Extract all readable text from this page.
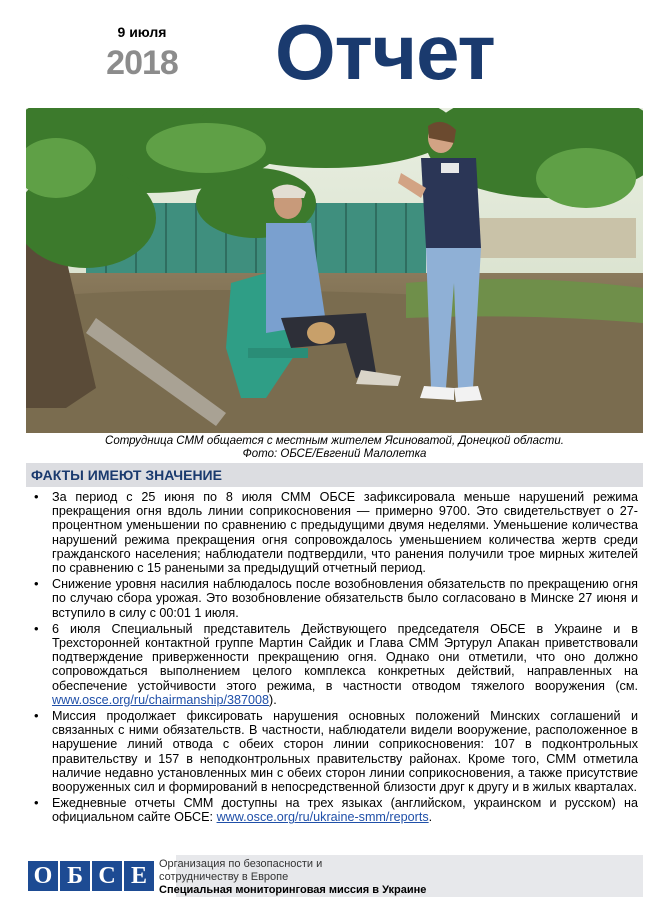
9 июля
2018	Отчет
Сотрудница СММ общается с местным жителем Ясиноватой, Донецкой области.
Фото: ОБСЕ/Евгений Малолетка
ФАКТЫ ИМЕЮТ ЗНАЧЕНИЕ
• За период с 25 июня по 8 июля СММ ОБСЕ зафиксировала меньше нарушений режима прекращения огня вдоль линии соприкосновения — примерно 9700. Это свидетельствует о 27-процентном уменьшении по сравнению с предыдущими двумя неделями. Уменьшение количества нарушений режима прекращения огня сопровождалось уменьшением количества жертв среди гражданского населения; наблюдатели подтвердили, что ранения получили трое мирных жителей по сравнению с 15 ранеными за предыдущий отчетный период.
• Снижение уровня насилия наблюдалось после возобновления обязательств по прекращению огня по случаю сбора урожая. Это возобновление обязательств было согласовано в Минске 27 июня и вступило в силу с 00:01 1 июля.
• 6 июля Специальный представитель Действующего председателя ОБСЕ в Украине и в Трехсторонней контактной группе Мартин Сайдик и Глава СММ Эртурул Апакан приветствовали подтверждение приверженности прекращению огня. Однако они отметили, что оно должно сопровождаться выполнением целого комплекса конкретных действий, направленных на обеспечение устойчивости этого режима, в частности отводом тяжелого вооружения (см. www.osce.org/ru/chairmanship/387008).
• Миссия продолжает фиксировать нарушения основных положений Минских соглашений и связанных с ними обязательств. В частности, наблюдатели видели вооружение, расположенное в нарушение линий отвода с обеих сторон линии соприкосновения: 107 в подконтрольных правительству и 157 в неподконтрольных правительству районах. Кроме того, СММ отметила наличие недавно установленных мин с обеих сторон линии соприкосновения, а также присутствие вооруженных сил и формирований в непосредственной близости друг к другу и в жилых кварталах.
• Ежедневные отчеты СММ доступны на трех языках (английском, украинском и русском) на официальном сайте ОБСЕ: www.osce.org/ru/ukraine-smm/reports.
О Б С Е	Организация по безопасности и
сотрудничеству в Европе
Специальная мониторинговая миссия в Украине
